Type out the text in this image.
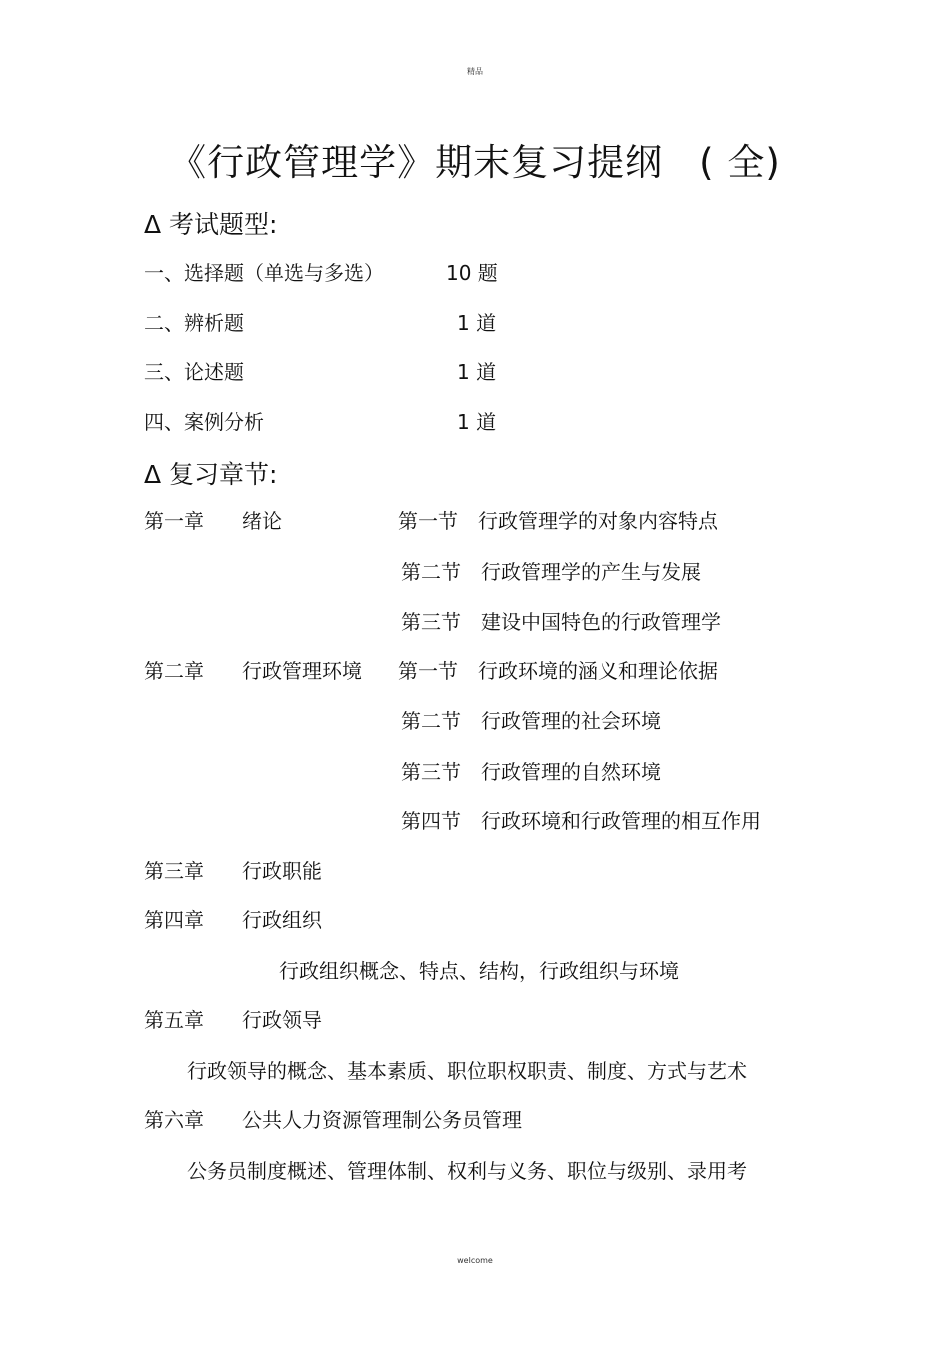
精品
《行政管理学》期末复习提纲 ( 全)
Δ 考试题型:
一、选择题（单选与多选）	10 题
二、辨析题	1 道
三、论述题	1 道
四、案例分析	1 道
Δ 复习章节:
第一章 绪论	第一节 行政管理学的对象内容特点
第二节 行政管理学的产生与发展
第三节 建设中国特色的行政管理学
第二章 行政管理环境 第一节 行政环境的涵义和理论依据
第二节 行政管理的社会环境
第三节 行政管理的自然环境
第四节 行政环境和行政管理的相互作用
第三章 行政职能
第四章 行政组织
行政组织概念、特点、结构，行政组织与环境
第五章 行政领导
行政领导的概念、基本素质、职位职权职责、制度、方式与艺术
第六章 公共人力资源管理制公务员管理
公务员制度概述、管理体制、权利与义务、职位与级别、录用考
welcome
